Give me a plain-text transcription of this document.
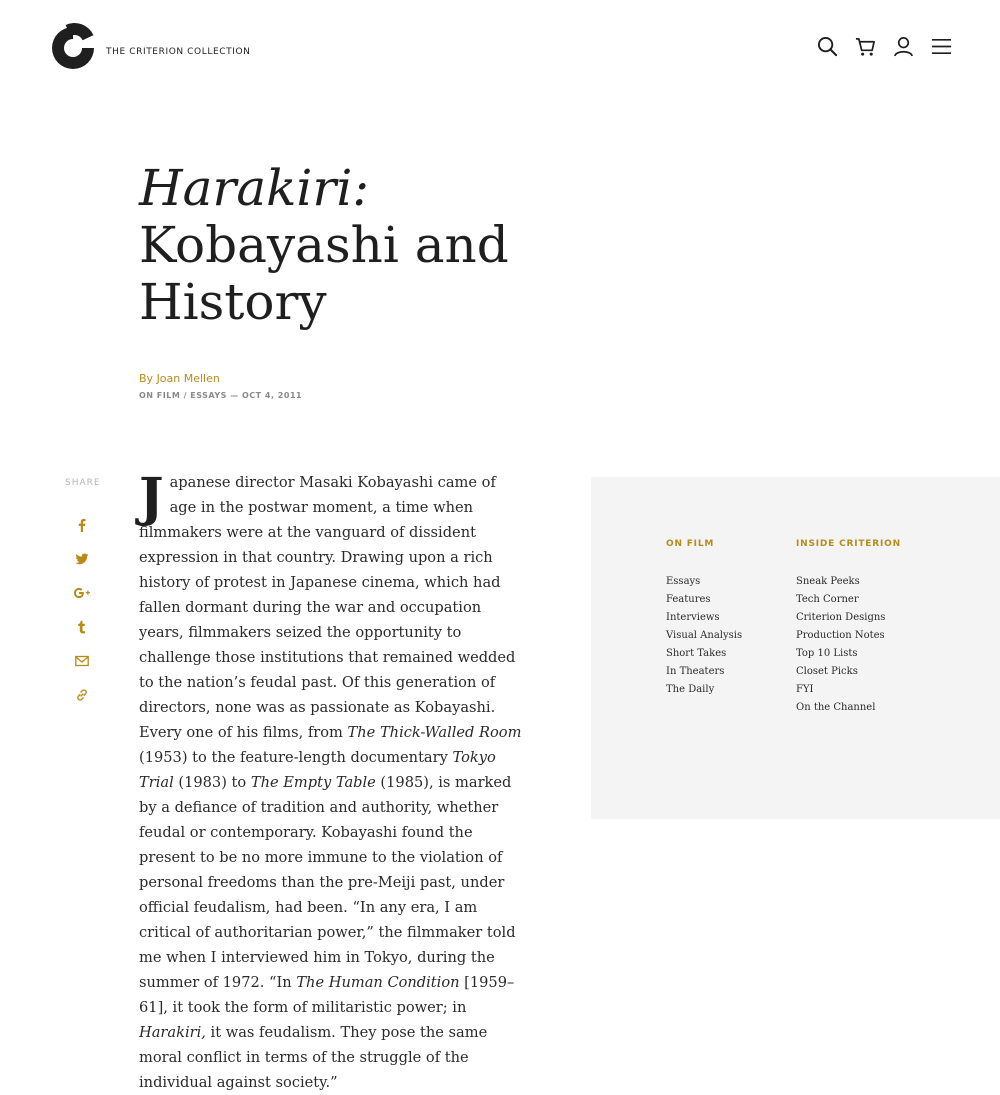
THE CRITERION COLLECTION
Harakiri:
Kobayashi and
History
By Joan Mellen
ON FILM / ESSAYS — OCT 4, 2011
SHARE J apanese director Masaki Kobayashi came of age in the postwar moment, a time when filmmakers were at the vanguard of dissident expression in that country. Drawing upon a rich history of protest in Japanese cinema, which had fallen dormant during the war and occupation years, filmmakers seized the opportunity to challenge those institutions that remained wedded to the nation’s feudal past. Of this generation of directors, none was as passionate as Kobayashi. Every one of his films, from The Thick-Walled Room (1953) to the feature-length documentary Tokyo Trial (1983) to The Empty Table (1985), is marked by a defiance of tradition and authority, whether feudal or contemporary. Kobayashi found the present to be no more immune to the violation of personal freedoms than the pre-Meiji past, under official feudalism, had been. “In any era, I am critical of authoritarian power,” the filmmaker told me when I interviewed him in Tokyo, during the summer of 1972. “In The Human Condition [1959–61], it took the form of militaristic power; in Harakiri, it was feudalism. They pose the same moral conflict in terms of the struggle of the individual against society.”
ON FILM
Essays
Features
Interviews
Visual Analysis
Short Takes
In Theaters
The Daily
INSIDE CRITERION
Sneak Peeks
Tech Corner
Criterion Designs
Production Notes
Top 10 Lists
Closet Picks
FYI
On the Channel
